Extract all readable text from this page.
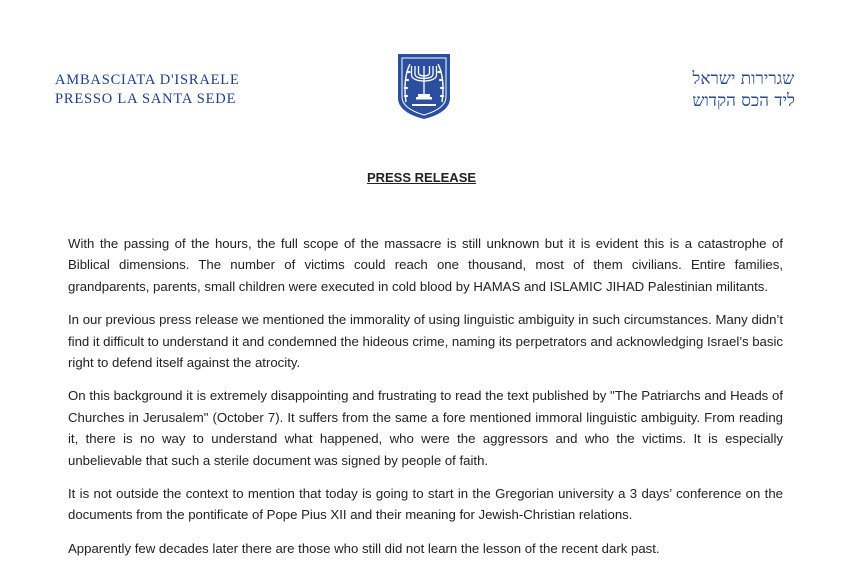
AMBASCIATA D'ISRAELE
PRESSO LA SANTA SEDE
שגרירות ישראל
ליד הכס הקדוש
PRESS RELEASE

With the passing of the hours, the full scope of the massacre is still unknown but it is evident this is a catastrophe of Biblical dimensions. The number of victims could reach one thousand, most of them civilians. Entire families, grandparents, parents, small children were executed in cold blood by HAMAS and ISLAMIC JIHAD Palestinian militants.

In our previous press release we mentioned the immorality of using linguistic ambiguity in such circumstances. Many didn’t find it difficult to understand it and condemned the hideous crime, naming its perpetrators and acknowledging Israel’s basic right to defend itself against the atrocity.

On this background it is extremely disappointing and frustrating to read the text published by "The Patriarchs and Heads of Churches in Jerusalem" (October 7). It suffers from the same a fore mentioned immoral linguistic ambiguity. From reading it, there is no way to understand what happened, who were the aggressors and who the victims. It is especially unbelievable that such a sterile document was signed by people of faith.

It is not outside the context to mention that today is going to start in the Gregorian university a 3 days’ conference on the documents from the pontificate of Pope Pius XII and their meaning for Jewish-Christian relations.

Apparently few decades later there are those who still did not learn the lesson of the recent dark past.
